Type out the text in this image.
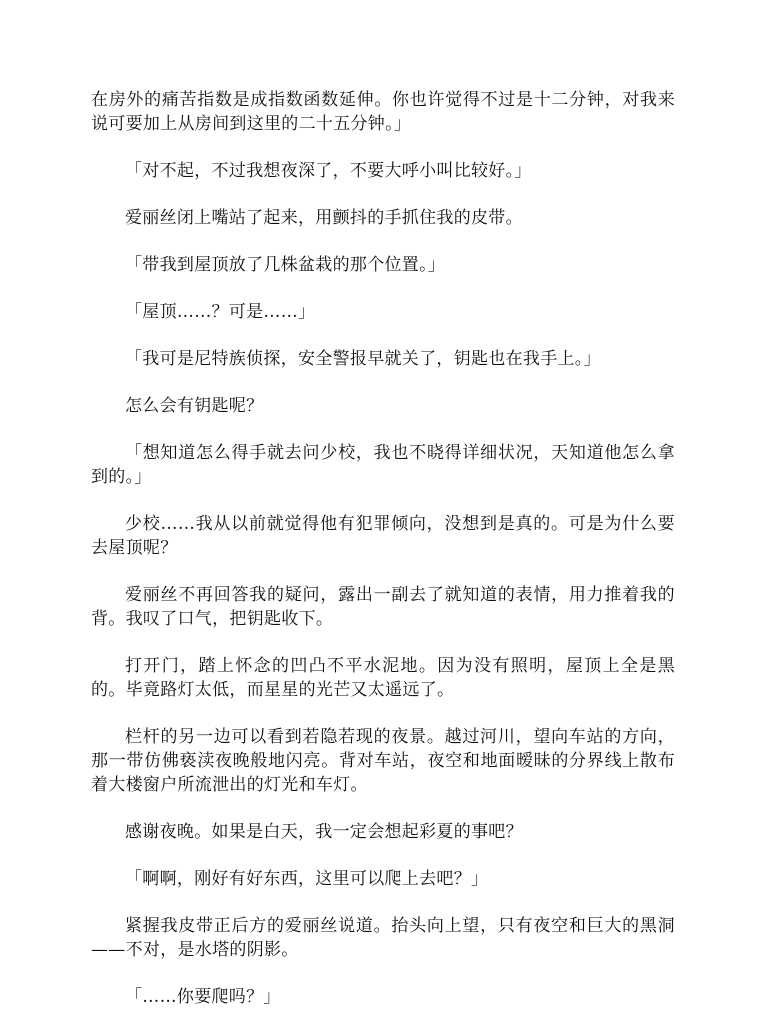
在房外的痛苦指数是成指数函数延伸。你也许觉得不过是十二分钟，对我来说可要加上从房间到这里的二十五分钟。」

「对不起，不过我想夜深了，不要大呼小叫比较好。」

爱丽丝闭上嘴站了起来，用颤抖的手抓住我的皮带。

「带我到屋顶放了几株盆栽的那个位置。」

「屋顶……？可是……」

「我可是尼特族侦探，安全警报早就关了，钥匙也在我手上。」

怎么会有钥匙呢？

「想知道怎么得手就去问少校，我也不晓得详细状况，天知道他怎么拿到的。」

少校……我从以前就觉得他有犯罪倾向，没想到是真的。可是为什么要去屋顶呢？

爱丽丝不再回答我的疑问，露出一副去了就知道的表情，用力推着我的背。我叹了口气，把钥匙收下。

打开门，踏上怀念的凹凸不平水泥地。因为没有照明，屋顶上全是黑的。毕竟路灯太低，而星星的光芒又太遥远了。

栏杆的另一边可以看到若隐若现的夜景。越过河川，望向车站的方向，那一带仿佛亵渎夜晚般地闪亮。背对车站，夜空和地面暧昧的分界线上散布着大楼窗户所流泄出的灯光和车灯。

感谢夜晚。如果是白天，我一定会想起彩夏的事吧？

「啊啊，刚好有好东西，这里可以爬上去吧？」

紧握我皮带正后方的爱丽丝说道。抬头向上望，只有夜空和巨大的黑洞——不对，是水塔的阴影。

「……你要爬吗？」
